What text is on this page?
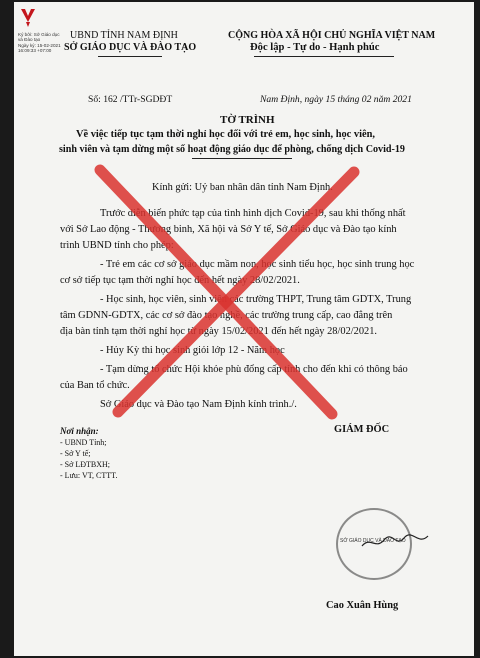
Ký bởi: Sở Giáo dục
và Đào tạo
Ngày ký: 15-02-2021
16:09:33 +07:00
UBND TỈNH NAM ĐỊNH
SỞ GIÁO DỤC VÀ ĐÀO TẠO
CỘNG HÒA XÃ HỘI CHỦ NGHĨA VIỆT NAM
Độc lập - Tự do - Hạnh phúc
Số: 162 /TTr-SGDĐT	Nam Định, ngày 15 tháng 02 năm 2021
TỜ TRÌNH
Về việc tiếp tục tạm thời nghỉ học đối với trẻ em, học sinh, học viên,
sinh viên và tạm dừng một số hoạt động giáo dục để phòng, chống dịch Covid-19
Kính gửi: Uỷ ban nhân dân tỉnh Nam Định.
Trước diễn biến phức tạp của tình hình dịch Covid-19, sau khi thống nhất
với Sở Lao động - Thương binh, Xã hội và Sở Y tế, Sở Giáo dục và Đào tạo kính
trình UBND tỉnh cho phép:
- Trẻ em các cơ sở giáo dục mầm non, học sinh tiểu học, học sinh trung học
cơ sở tiếp tục tạm thời nghỉ học đến hết ngày 28/02/2021.
- Học sinh, học viên, sinh viên các trường THPT, Trung tâm GDTX, Trung
tâm GDNN-GDTX, các cơ sở đào tạo nghề, các trường trung cấp, cao đẳng trên
địa bàn tỉnh tạm thời nghỉ học từ ngày 15/02/2021 đến hết ngày 28/02/2021.
- Hủy Kỳ thi học sinh giỏi lớp 12 - Năm học
- Tạm dừng tổ chức Hội khỏe phù đổng cấp tỉnh cho đến khi có thông báo
của Ban tổ chức.
Sở Giáo dục và Đào tạo Nam Định kính trình./.
Nơi nhận:
- UBND Tỉnh;
- Sở Y tế;
- Sở LĐTBXH;
- Lưu: VT, CTTT.
GIÁM ĐỐC
SỞ GIÁO DỤC VÀ ĐÀO TẠO
Cao Xuân Hùng
